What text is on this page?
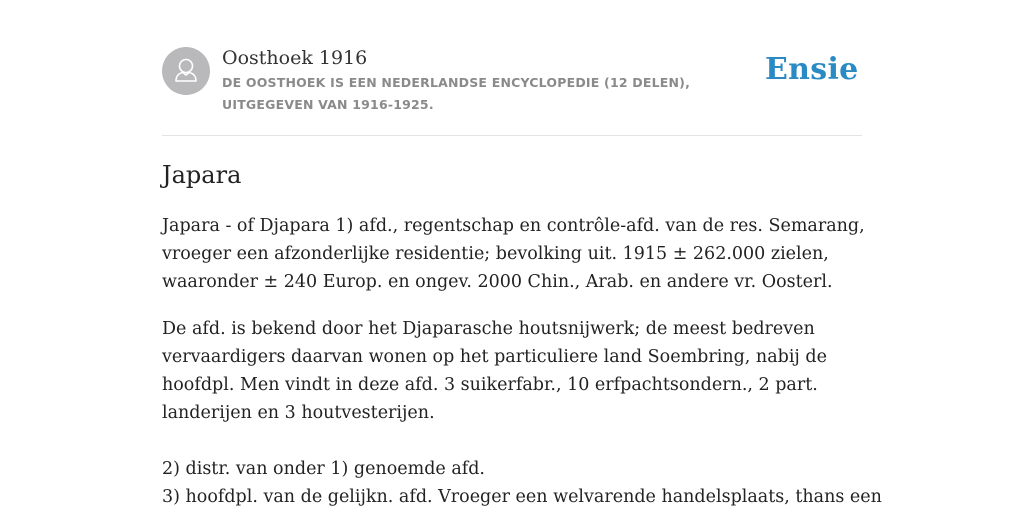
Oosthoek 1916
DE OOSTHOEK IS EEN NEDERLANDSE ENCYCLOPEDIE (12 DELEN), UITGEGEVEN VAN 1916-1925.
Ensie
Japara

Japara - of Djapara 1) afd., regentschap en contrôle-afd. van de res. Semarang,
vroeger een afzonderlijke residentie; bevolking uit. 1915 ± 262.000 zielen,
waaronder ± 240 Europ. en ongev. 2000 Chin., Arab. en andere vr. Oosterl.

De afd. is bekend door het Djaparasche houtsnijwerk; de meest bedreven
vervaardigers daarvan wonen op het particuliere land Soembring, nabij de
hoofdpl. Men vindt in deze afd. 3 suikerfabr., 10 erfpachtsondern., 2 part.
landerijen en 3 houtvesterijen.

2) distr. van onder 1) genoemde afd.
3) hoofdpl. van de gelijkn. afd. Vroeger een welvarende handelsplaats, thans een
